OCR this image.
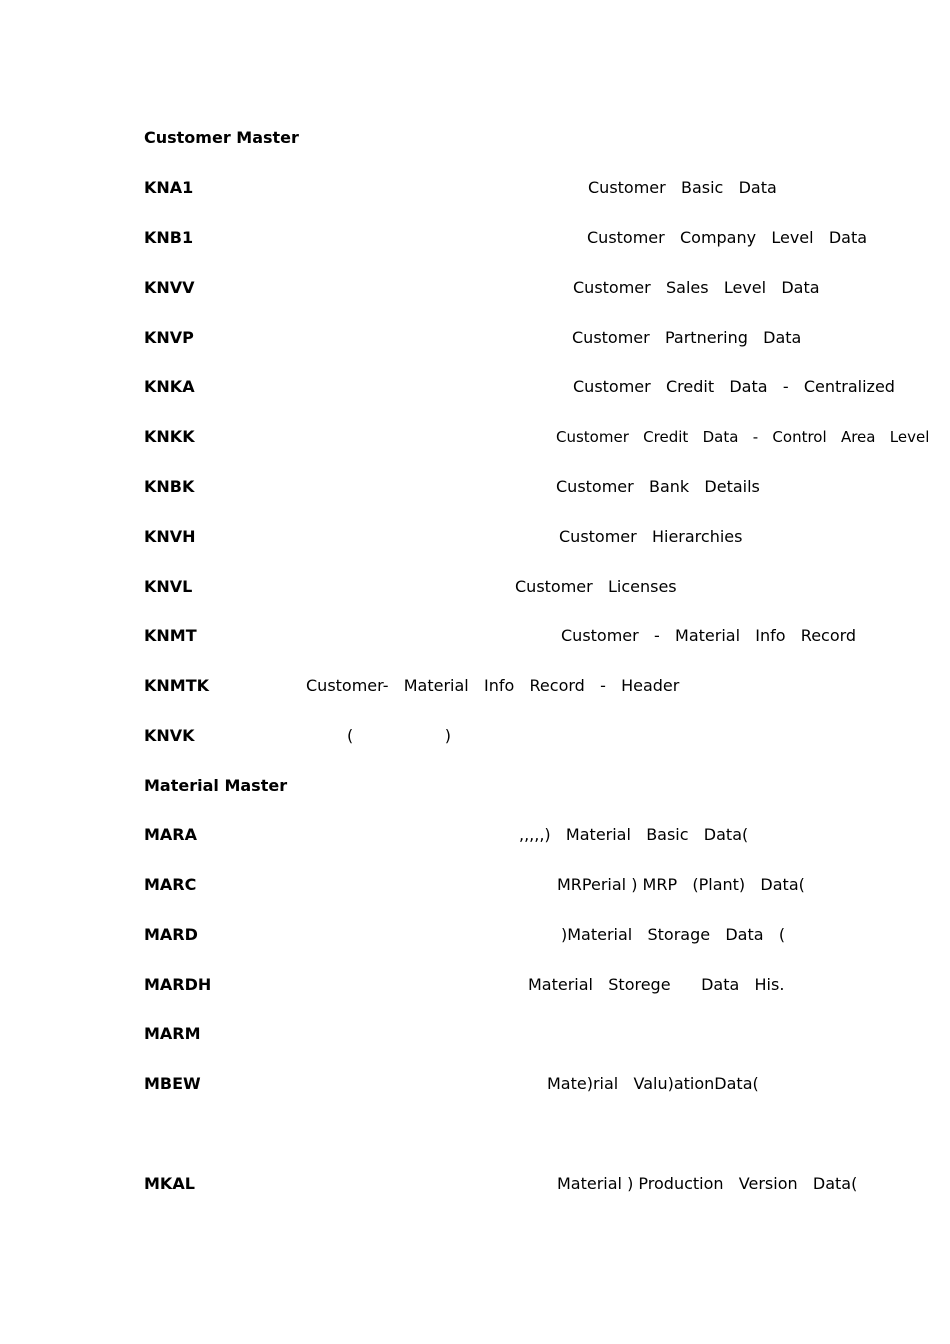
Customer Master
KNA1	Customer   Basic   Data
KNB1	Customer   Company   Level   Data
KNVV	Customer   Sales   Level   Data
KNVP	Customer   Partnering   Data
KNKA	Customer   Credit   Data   -   Centralized
KNKK	Customer   Credit   Data   -   Control   Area   Level
KNBK	Customer   Bank   Details
KNVH	Customer   Hierarchies
KNVL	Customer   Licenses
KNMT	Customer   -   Material   Info   Record
KNMTK	Customer-   Material   Info   Record   -   Header
KNVK	(                  )
Material Master
MARA	,,,,,)   Material   Basic   Data(
MARC	MRPerial ) MRP   (Plant)   Data(
MARD	)Material   Storage   Data   (
MARDH	Material   Storege      Data   His.
MARM
MBEW	Mate)rial   Valu)ationData(
MKAL	Material ) Production   Version   Data(
